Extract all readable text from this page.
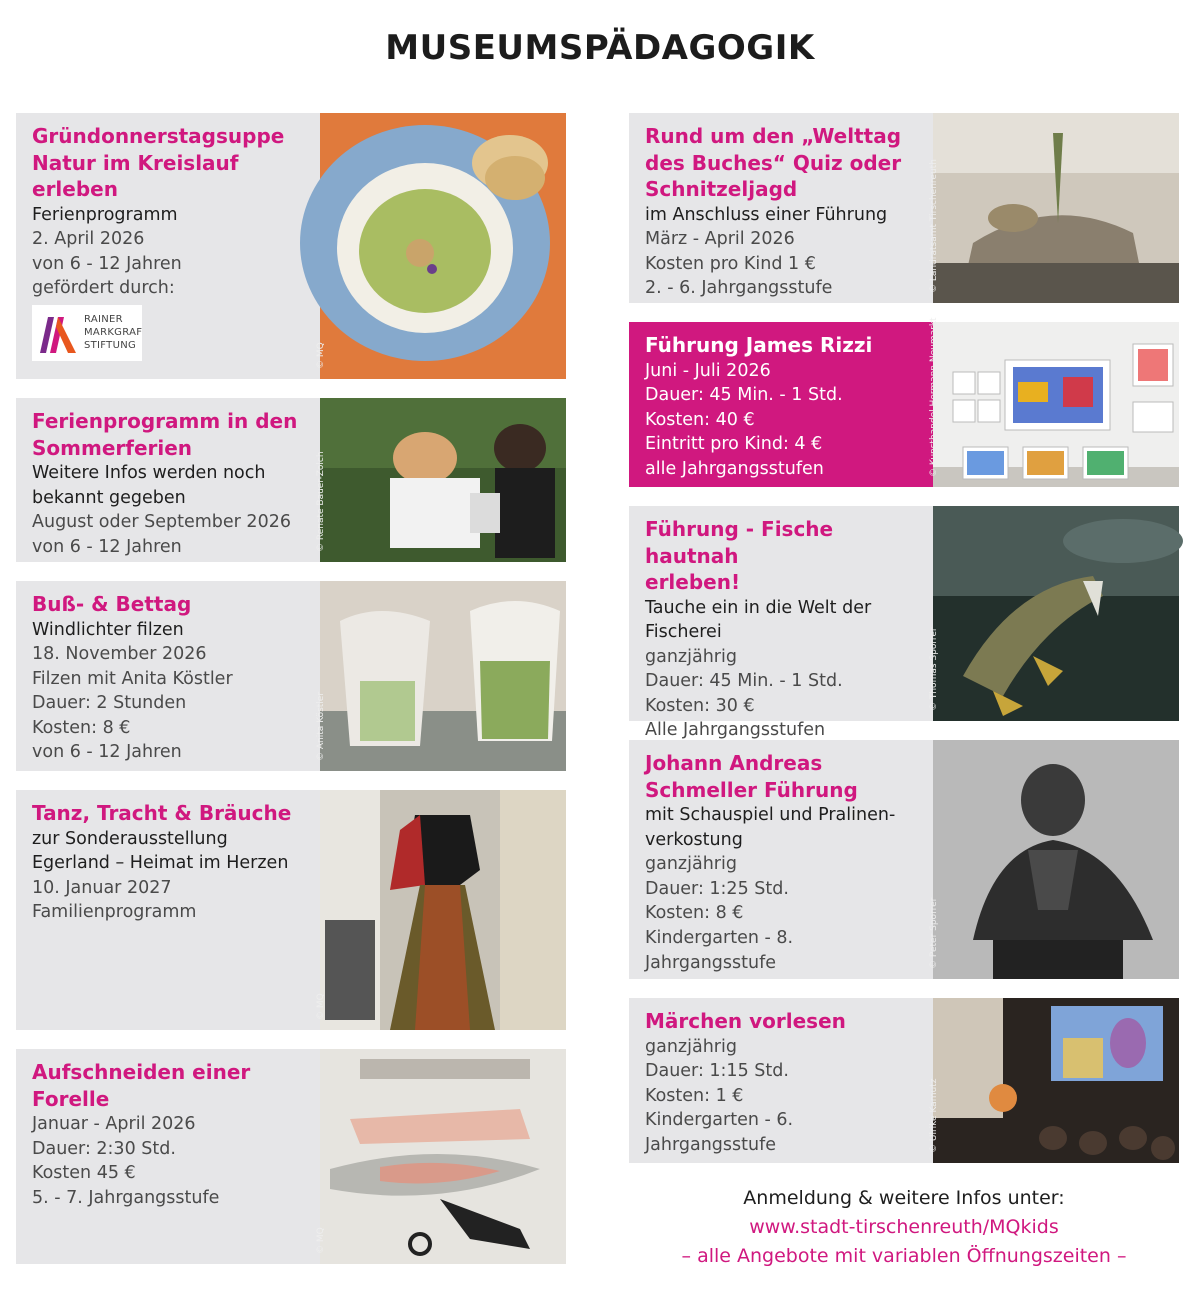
MUSEUMSPÄDAGOGIK
Gründonnerstagsuppe
Natur im Kreislauf erleben
Ferienprogramm
2. April 2026
von 6 - 12 Jahren
gefördert durch:
RAINER
MARKGRAF
STIFTUNG	© MQ
Ferienprogramm in den
Sommerferien
Weitere Infos werden noch
bekannt gegeben
August oder September 2026
von 6 - 12 Jahren	© Renate Bauer-Zolch
Buß- & Bettag
Windlichter filzen
18. November 2026
Filzen mit Anita Köstler
Dauer: 2 Stunden
Kosten: 8 €
von 6 - 12 Jahren	© Anita Köstler
Tanz, Tracht & Bräuche
zur Sonderausstellung
Egerland – Heimat im Herzen
10. Januar 2027
Familienprogramm
© MQ
Aufschneiden einer
Forelle
Januar - April 2026
Dauer: 2:30 Std.
Kosten 45 €
5. - 7. Jahrgangsstufe
© MQ
Rund um den „Welttag
des Buches“ Quiz oder
Schnitzeljagd
im Anschluss einer Führung
März - April 2026
Kosten pro Kind 1 €
2. - 6. Jahrgangsstufe	© Landratsamt Tirschenreuth
Führung James Rizzi
Juni - Juli 2026
Dauer: 45 Min. - 1 Std.
Kosten: 40 €
Eintritt pro Kind: 4 €
alle Jahrgangsstufen	© Kunsthandel Hermann Neumarkt
Führung - Fische hautnah
erleben!
Tauche ein in die Welt der
Fischerei
ganzjährig
Dauer: 45 Min. - 1 Std.
Kosten: 30 €
Alle Jahrgangsstufen
© Thomas Sporrer
Johann Andreas
Schmeller Führung
mit Schauspiel und Pralinen-
verkostung
ganzjährig
Dauer: 1:25 Std.
Kosten: 8 €
Kindergarten - 8. Jahrgangsstufe	© Peter Sporrer
Märchen vorlesen
ganzjährig
Dauer: 1:15 Std.
Kosten: 1 €
Kindergarten - 6. Jahrgangsstufe	© Ulrike Kamutz
Anmeldung & weitere Infos unter:
www.stadt-tirschenreuth/MQkids
– alle Angebote mit variablen Öffnungszeiten –
